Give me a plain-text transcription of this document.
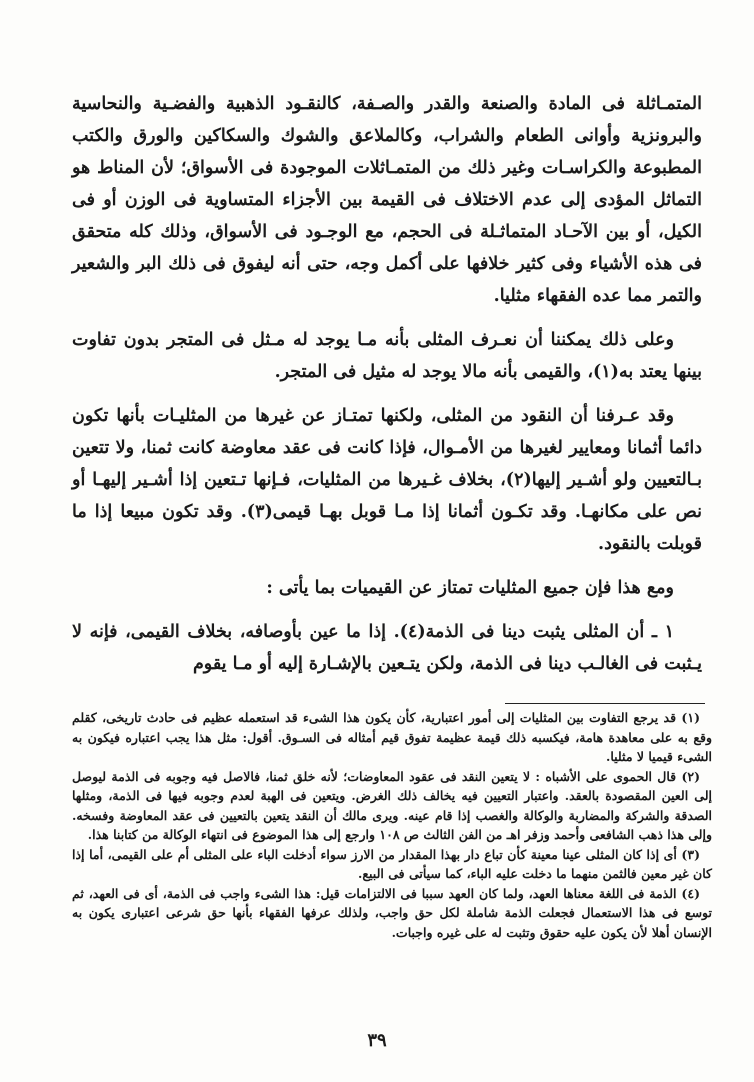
المتمـاثلة فى المادة والصنعة والقدر والصـفة، كالنقـود الذهبية والفضـية والنحاسية والبرونزية وأوانى الطعام والشراب، وكالملاعق والشوك والسكاكين والورق والكتب المطبوعة والكراسـات وغير ذلك من المتمـاثلات الموجودة فى الأسواق؛ لأن المناط هو التماثل المؤدى إلى عدم الاختلاف فى القيمة بين الأجزاء المتساوية فى الوزن أو فى الكيل، أو بين الآحـاد المتماثـلة فى الحجم، مع الوجـود فى الأسواق، وذلك كله متحقق فى هذه الأشياء وفى كثير خلافها على أكمل وجه، حتى أنه ليفوق فى ذلك البر والشعير والتمر مما عده الفقهاء مثليا.

وعلى ذلك يمكننا أن نعـرف المثلى بأنه مـا يوجد له مـثل فى المتجر بدون تفاوت بينها يعتد به(١)، والقيمى بأنه مالا يوجد له مثيل فى المتجر.

وقد عـرفنا أن النقود من المثلى، ولكنها تمتـاز عن غيرها من المثليـات بأنها تكون دائما أثمانا ومعايير لغيرها من الأمـوال، فإذا كانت فى عقد معاوضة كانت ثمنا، ولا تتعين بـالتعيين ولو أشـير إليها(٢)، بخلاف غـيرها من المثليات، فـإنها تـتعين إذا أشـير إليهـا أو نص على مكانهـا. وقد تكـون أثمانا إذا مـا قوبل بهـا قيمى(٣). وقد تكون مبيعا إذا ما قوبلت بالنقود.

ومع هذا فإن جميع المثليات تمتاز عن القيميات بما يأتى :

١ ـ أن المثلى يثبت دينا فى الذمة(٤). إذا ما عين بأوصافه، بخلاف القيمى، فإنه لا يـثبت فى الغالـب دينا فى الذمة، ولكن يتـعين بالإشـارة إليه أو مـا يقوم

(١) قد يرجع التفاوت بين المثليات إلى أمور اعتبارية، كأن يكون هذا الشىء قد استعمله عظيم فى حادث تاريخى، كقلم وقع به على معاهدة هامة، فيكسبه ذلك قيمة عظيمة تفوق قيم أمثاله فى السـوق. أقول: مثل هذا يجب اعتباره فيكون به الشىء قيميا لا مثليا.

(٢) قال الحموى على الأشباه : لا يتعين النقد فى عقود المعاوضات؛ لأنه خلق ثمنا، فالاصل فيه وجوبه فى الذمة ليوصل إلى العين المقصودة بالعقد. واعتبار التعيين فيه يخالف ذلك الغرض. ويتعين فى الهبة لعدم وجوبه فيها فى الذمة، ومثلها الصدقة والشركة والمضاربة والوكالة والغصب إذا قام عينه. ويرى مالك أن النقد يتعين بالتعيين فى عقد المعاوضة وفسخه. وإلى هذا ذهب الشافعى وأحمد وزفر اهـ من الفن الثالث ص ١٠٨ وارجع إلى هذا الموضوع فى انتهاء الوكالة من كتابنا هذا.

(٣) أى إذا كان المثلى عينا معينة كأن تباع دار بهذا المقدار من الارز سواء أدخلت الباء على المثلى أم على القيمى، أما إذا كان غير معين فالثمن منهما ما دخلت عليه الباء، كما سيأتى فى البيع.

(٤) الذمة فى اللغة معناها العهد، ولما كان العهد سببا فى الالتزامات قيل: هذا الشىء واجب فى الذمة، أى فى العهد، ثم توسع فى هذا الاستعمال فجعلت الذمة شاملة لكل حق واجب، ولذلك عرفها الفقهاء بأنها حق شرعى اعتبارى يكون به الإنسان أهلا لأن يكون عليه حقوق وتثبت له على غيره واجبات.

٣٩
